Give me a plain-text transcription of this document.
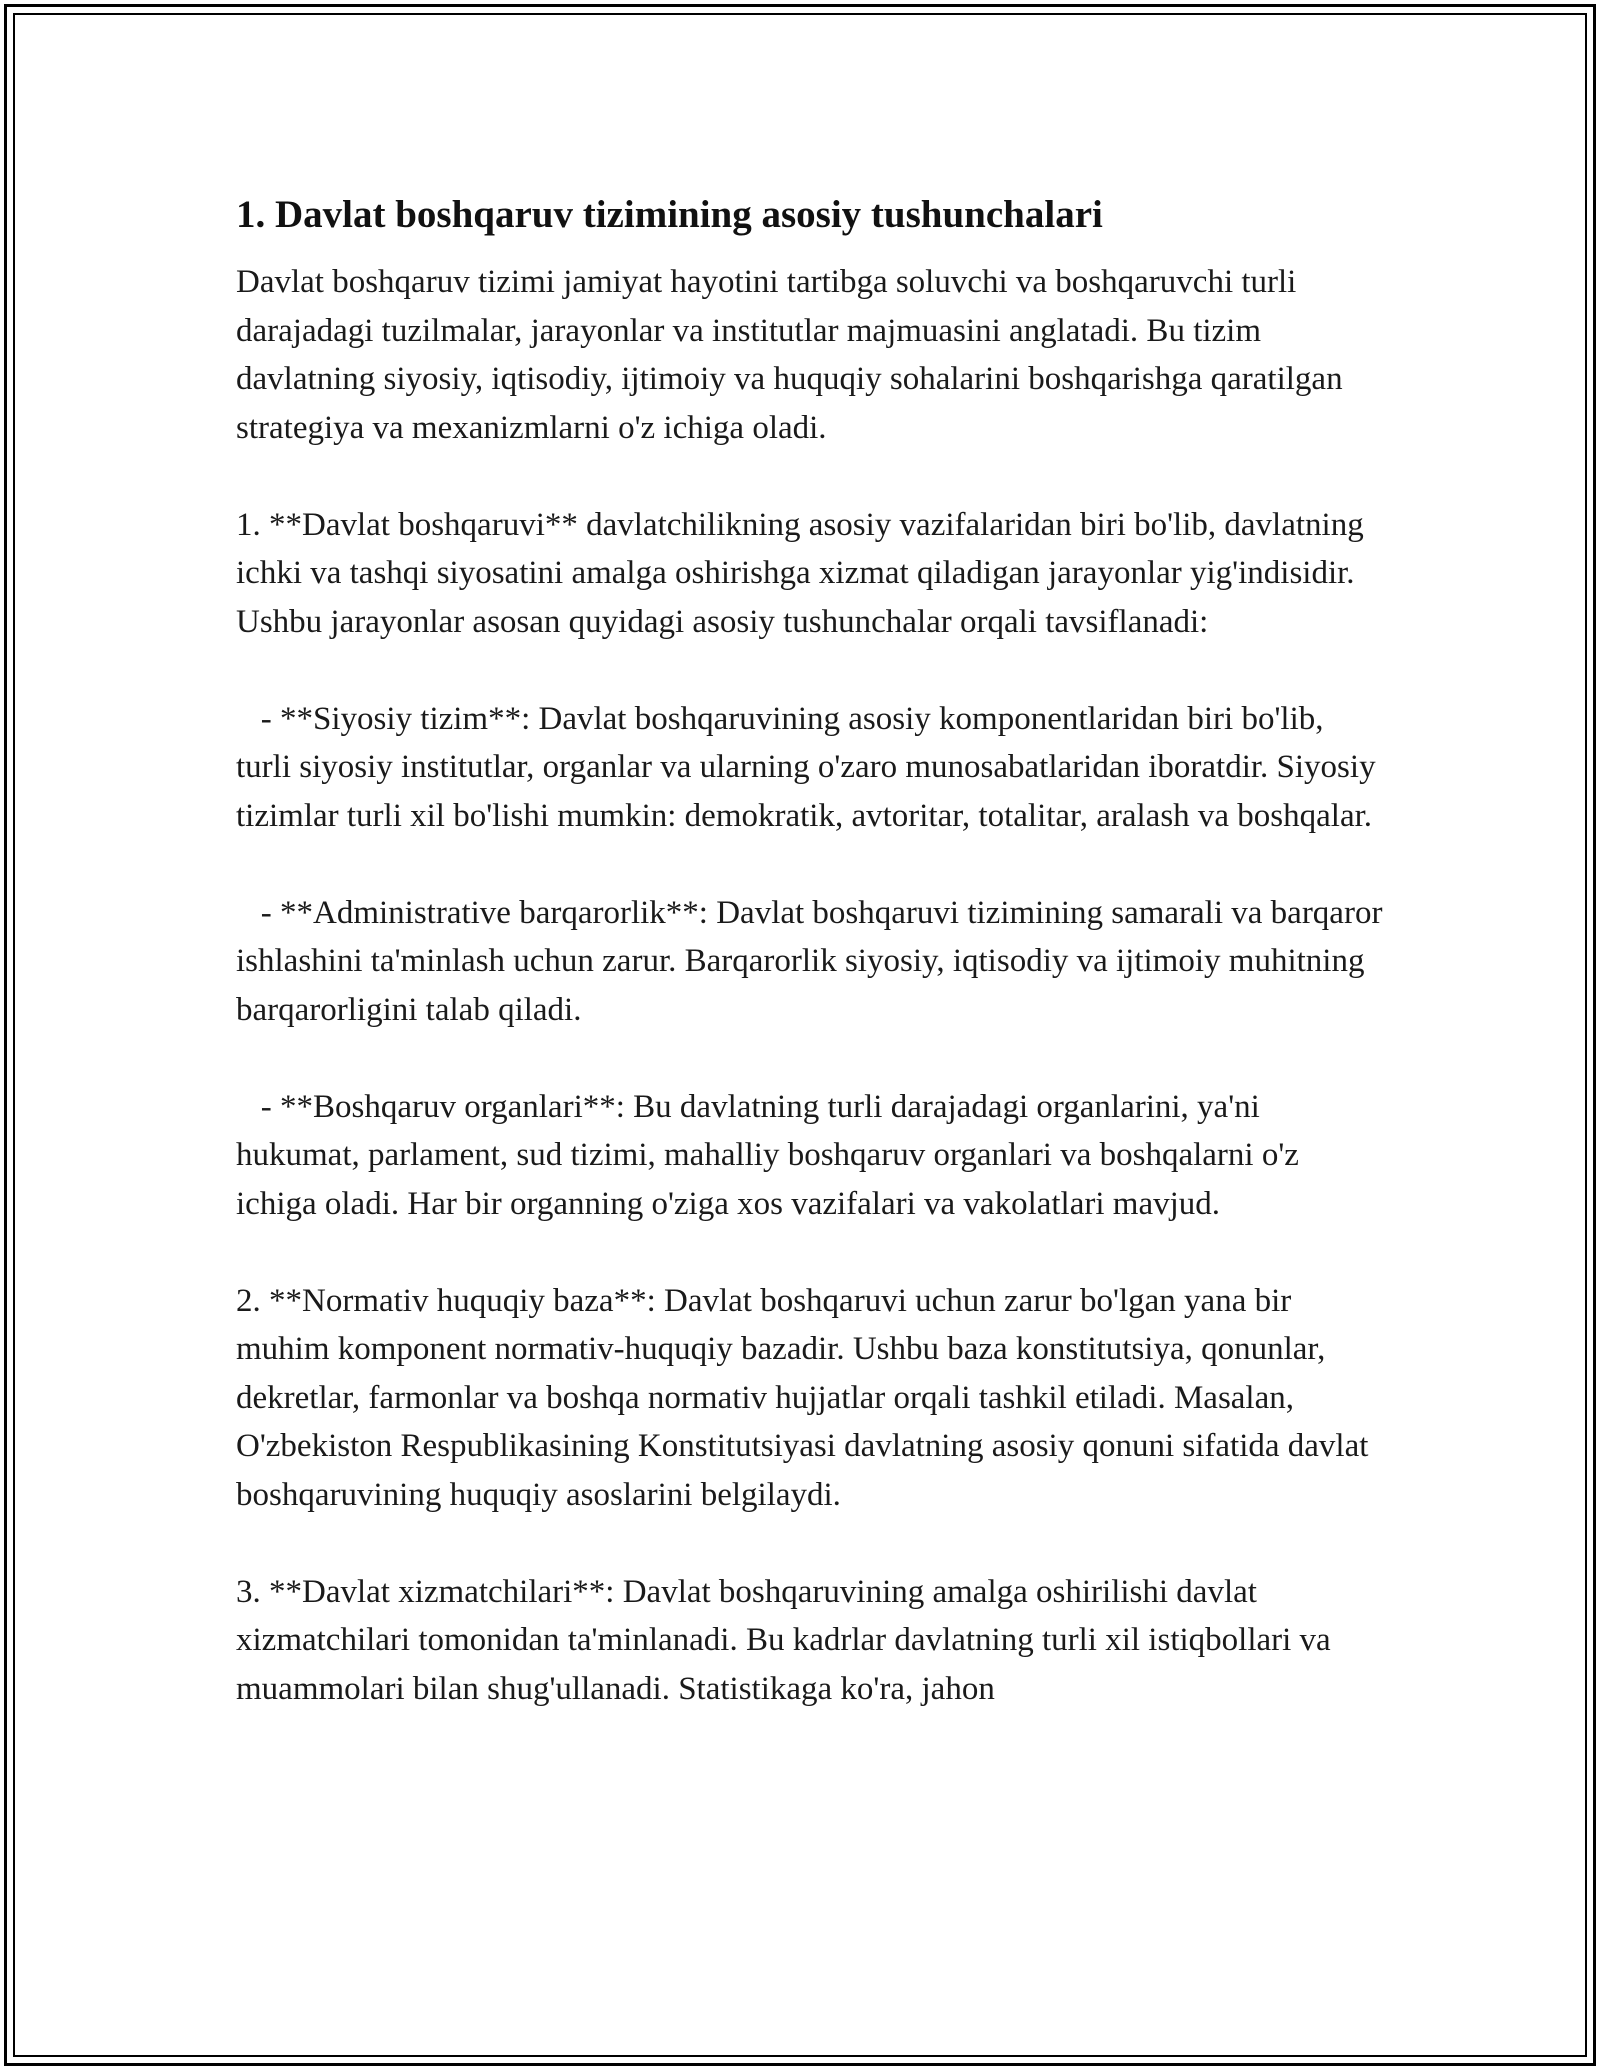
1. Davlat boshqaruv tizimining asosiy tushunchalari

Davlat boshqaruv tizimi jamiyat hayotini tartibga soluvchi va boshqaruvchi turli darajadagi tuzilmalar, jarayonlar va institutlar majmuasini anglatadi. Bu tizim davlatning siyosiy, iqtisodiy, ijtimoiy va huquqiy sohalarini boshqarishga qaratilgan strategiya va mexanizmlarni o'z ichiga oladi.

1. **Davlat boshqaruvi** davlatchilikning asosiy vazifalaridan biri bo'lib, davlatning ichki va tashqi siyosatini amalga oshirishga xizmat qiladigan jarayonlar yig'indisidir. Ushbu jarayonlar asosan quyidagi asosiy tushunchalar orqali tavsiflanadi:

- **Siyosiy tizim**: Davlat boshqaruvining asosiy komponentlaridan biri bo'lib, turli siyosiy institutlar, organlar va ularning o'zaro munosabatlaridan iboratdir. Siyosiy tizimlar turli xil bo'lishi mumkin: demokratik, avtoritar, totalitar, aralash va boshqalar.

- **Administrative barqarorlik**: Davlat boshqaruvi tizimining samarali va barqaror ishlashini ta'minlash uchun zarur. Barqarorlik siyosiy, iqtisodiy va ijtimoiy muhitning barqarorligini talab qiladi.

- **Boshqaruv organlari**: Bu davlatning turli darajadagi organlarini, ya'ni hukumat, parlament, sud tizimi, mahalliy boshqaruv organlari va boshqalarni o'z ichiga oladi. Har bir organning o'ziga xos vazifalari va vakolatlari mavjud.

2. **Normativ huquqiy baza**: Davlat boshqaruvi uchun zarur bo'lgan yana bir muhim komponent normativ-huquqiy bazadir. Ushbu baza konstitutsiya, qonunlar, dekretlar, farmonlar va boshqa normativ hujjatlar orqali tashkil etiladi. Masalan, O'zbekiston Respublikasining Konstitutsiyasi davlatning asosiy qonuni sifatida davlat boshqaruvining huquqiy asoslarini belgilaydi.

3. **Davlat xizmatchilari**: Davlat boshqaruvining amalga oshirilishi davlat xizmatchilari tomonidan ta'minlanadi. Bu kadrlar davlatning turli xil istiqbollari va muammolari bilan shug'ullanadi. Statistikaga ko'ra, jahon
